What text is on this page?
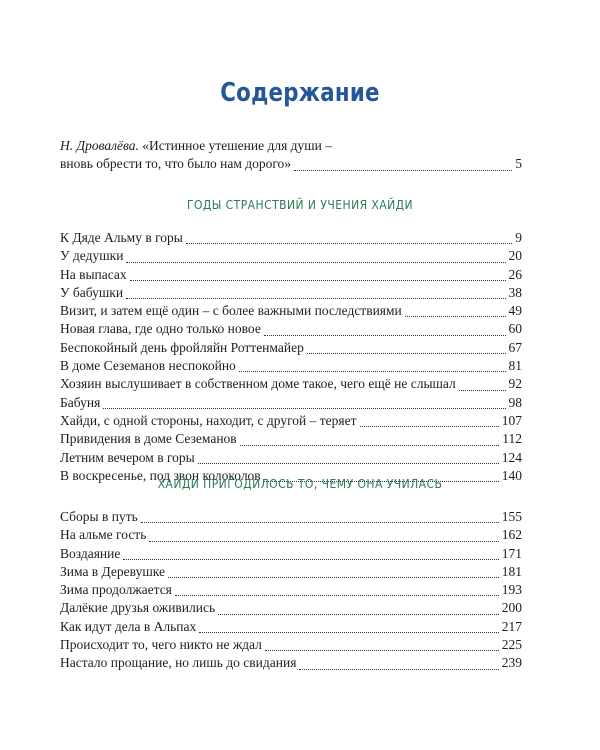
Содержание
Н. Дровалёва. «Истинное утешение для души –
вновь обрести то, что было нам дорого»	5
ГОДЫ СТРАНСТВИЙ И УЧЕНИЯ ХАЙДИ
К Дяде Альму в горы	9
У дедушки	20
На выпасах	26
У бабушки	38
Визит, и затем ещё один – с более важными последствиями	49
Новая глава, где одно только новое	60
Беспокойный день фройляйн Роттенмайер	67
В доме Сеземанов неспокойно	81
Хозяин выслушивает в собственном доме такое, чего ещё не слышал	92
Бабуня	98
Хайди, с одной стороны, находит, с другой – теряет	107
Привидения в доме Сеземанов	112
Летним вечером в горы	124
В воскресенье, под звон колоколов	140
ХАЙДИ ПРИГОДИЛОСЬ ТО, ЧЕМУ ОНА УЧИЛАСЬ
Сборы в путь	155
На альме гость	162
Воздаяние	171
Зима в Деревушке	181
Зима продолжается	193
Далёкие друзья оживились	200
Как идут дела в Альпах	217
Происходит то, чего никто не ждал	225
Настало прощание, но лишь до свидания	239
